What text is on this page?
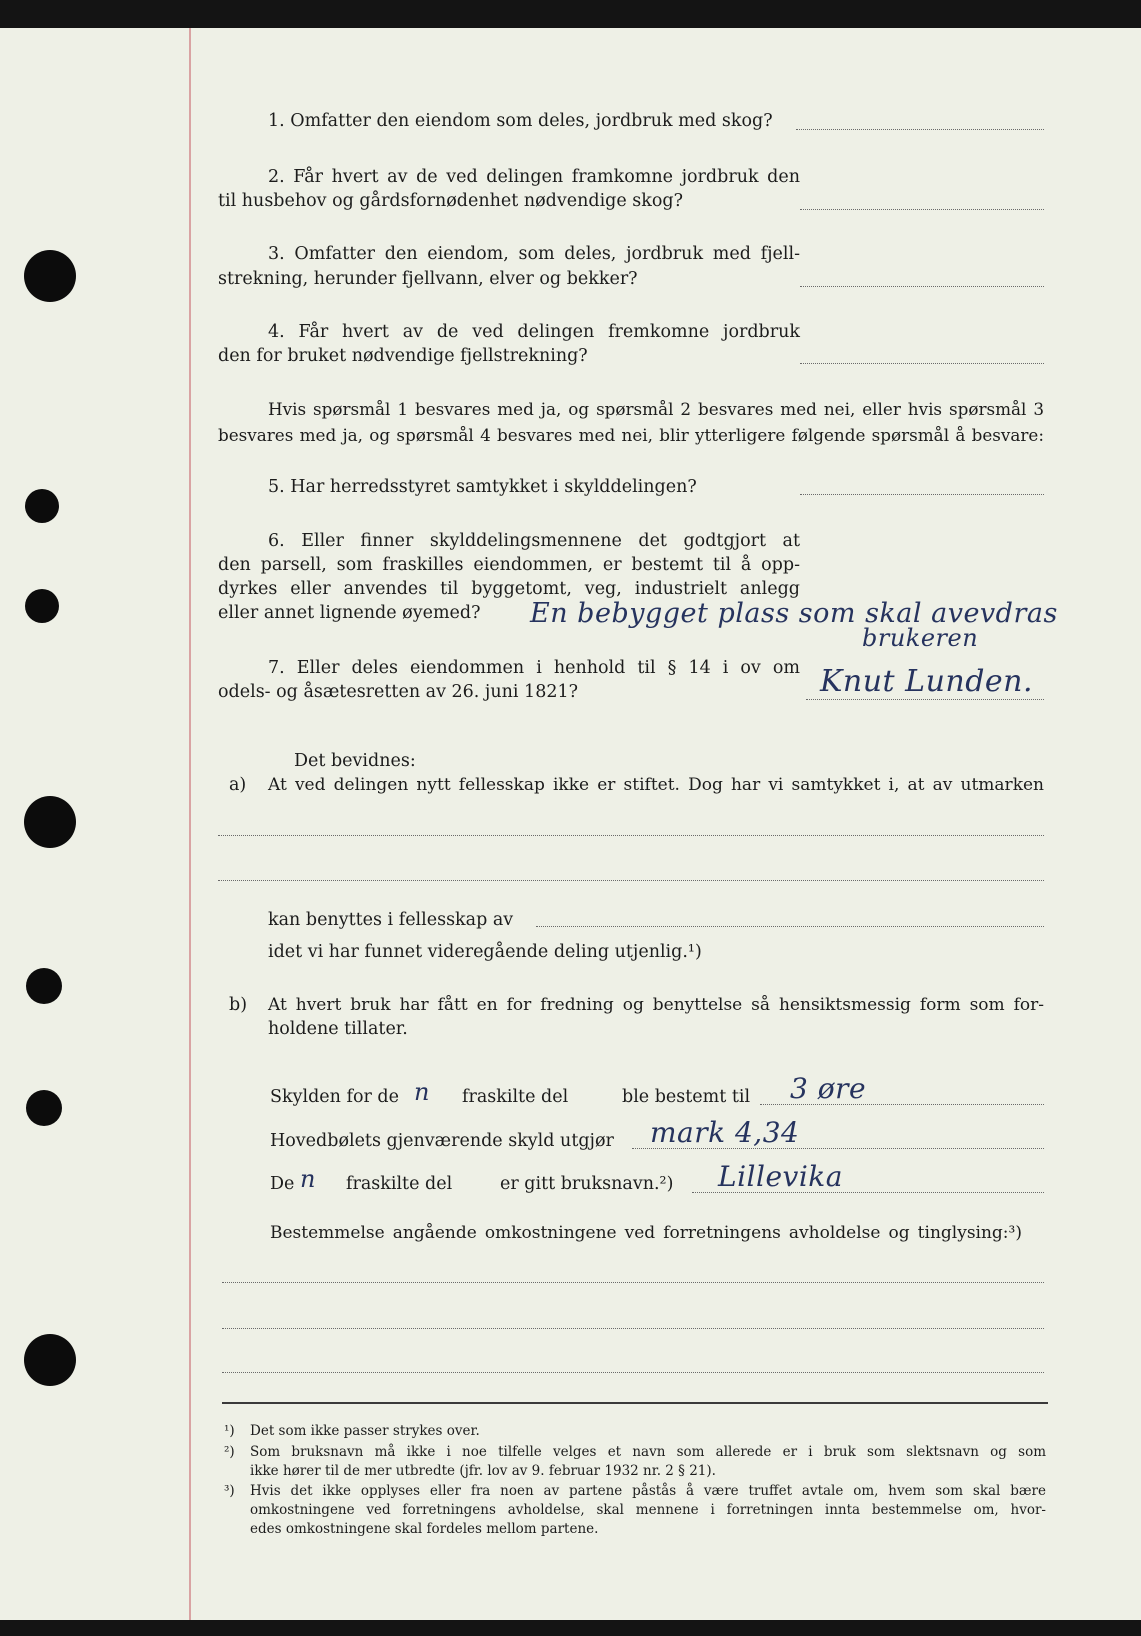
1. Omfatter den eiendom som deles, jordbruk med skog?
2. Får hvert av de ved delingen framkomne jordbruk den
til husbehov og gårdsfornødenhet nødvendige skog?
3. Omfatter den eiendom, som deles, jordbruk med fjell-
strekning, herunder fjellvann, elver og bekker?
4. Får hvert av de ved delingen fremkomne jordbruk
den for bruket nødvendige fjellstrekning?
Hvis spørsmål 1 besvares med ja, og spørsmål 2 besvares med nei, eller hvis spørsmål 3
besvares med ja, og spørsmål 4 besvares med nei, blir ytterligere følgende spørsmål å besvare:
5. Har herredsstyret samtykket i skylddelingen?
6. Eller finner skylddelingsmennene det godtgjort at
den parsell, som fraskilles eiendommen, er bestemt til å opp-
dyrkes eller anvendes til byggetomt, veg, industrielt anlegg
eller annet lignende øyemed? En bebygget plass som skal avevdras
brukeren
7. Eller deles eiendommen i henhold til § 14 i ov om
odels- og åsætesretten av 26. juni 1821?	Knut Lunden.
Det bevidnes:
a) At ved delingen nytt fellesskap ikke er stiftet. Dog har vi samtykket i, at av utmarken
kan benyttes i fellesskap av
idet vi har funnet videregående deling utjenlig.¹)
b) At hvert bruk har fått en for fredning og benyttelse så hensiktsmessig form som for-
holdene tillater.
Skylden for de n fraskilte del	ble bestemt til 3 øre
Hovedbølets gjenværende skyld utgjør mark 4,34
De n fraskilte del	er gitt bruksnavn.²) Lillevika
Bestemmelse angående omkostningene ved forretningens avholdelse og tinglysing:³)
¹) Det som ikke passer strykes over.
²) Som bruksnavn må ikke i noe tilfelle velges et navn som allerede er i bruk som slektsnavn og som
ikke hører til de mer utbredte (jfr. lov av 9. februar 1932 nr. 2 § 21).
³) Hvis det ikke opplyses eller fra noen av partene påstås å være truffet avtale om, hvem som skal bære
omkostningene ved forretningens avholdelse, skal mennene i forretningen innta bestemmelse om, hvor-
edes omkostningene skal fordeles mellom partene.
